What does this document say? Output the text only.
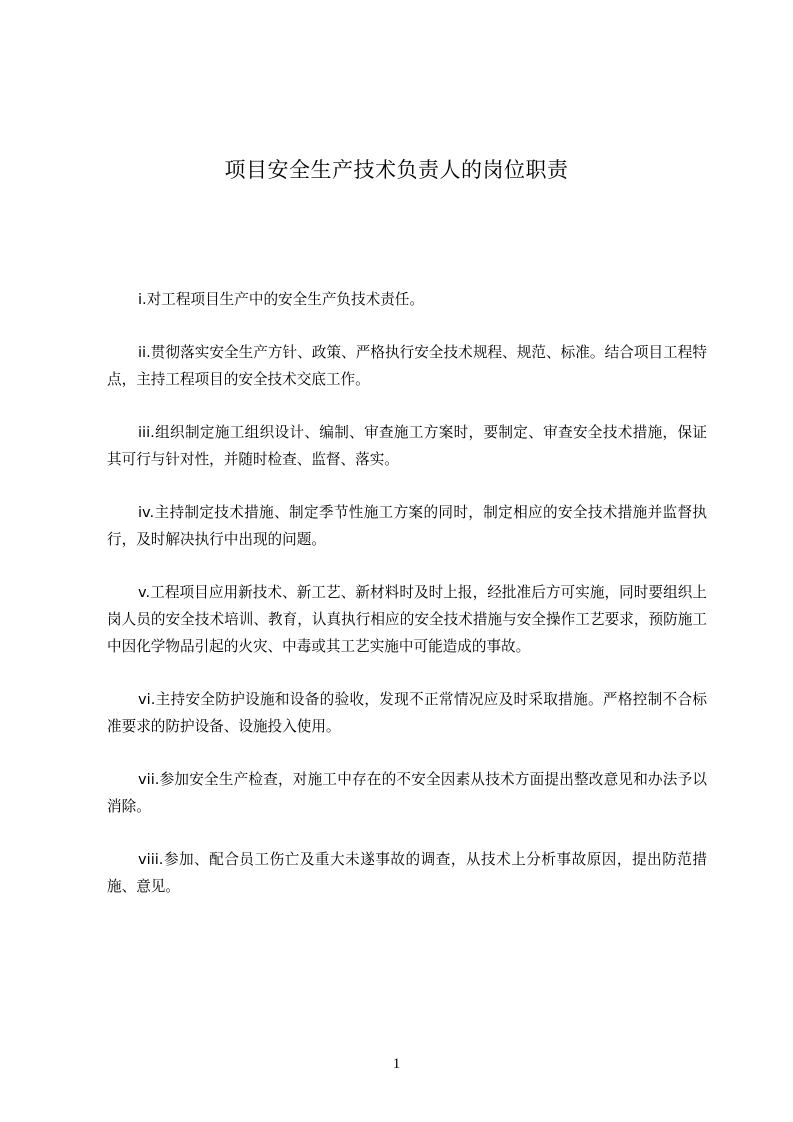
项目安全生产技术负责人的岗位职责

i.对工程项目生产中的安全生产负技术责任。

ii.贯彻落实安全生产方针、政策、严格执行安全技术规程、规范、标准。结合项目工程特点，主持工程项目的安全技术交底工作。

iii.组织制定施工组织设计、编制、审查施工方案时，要制定、审查安全技术措施，保证其可行与针对性，并随时检查、监督、落实。

iv.主持制定技术措施、制定季节性施工方案的同时，制定相应的安全技术措施并监督执行，及时解决执行中出现的问题。

v.工程项目应用新技术、新工艺、新材料时及时上报，经批准后方可实施，同时要组织上岗人员的安全技术培训、教育，认真执行相应的安全技术措施与安全操作工艺要求，预防施工中因化学物品引起的火灾、中毒或其工艺实施中可能造成的事故。

vi.主持安全防护设施和设备的验收，发现不正常情况应及时采取措施。严格控制不合标准要求的防护设备、设施投入使用。

vii.参加安全生产检查，对施工中存在的不安全因素从技术方面提出整改意见和办法予以消除。

viii.参加、配合员工伤亡及重大未遂事故的调查，从技术上分析事故原因，提出防范措施、意见。

1
